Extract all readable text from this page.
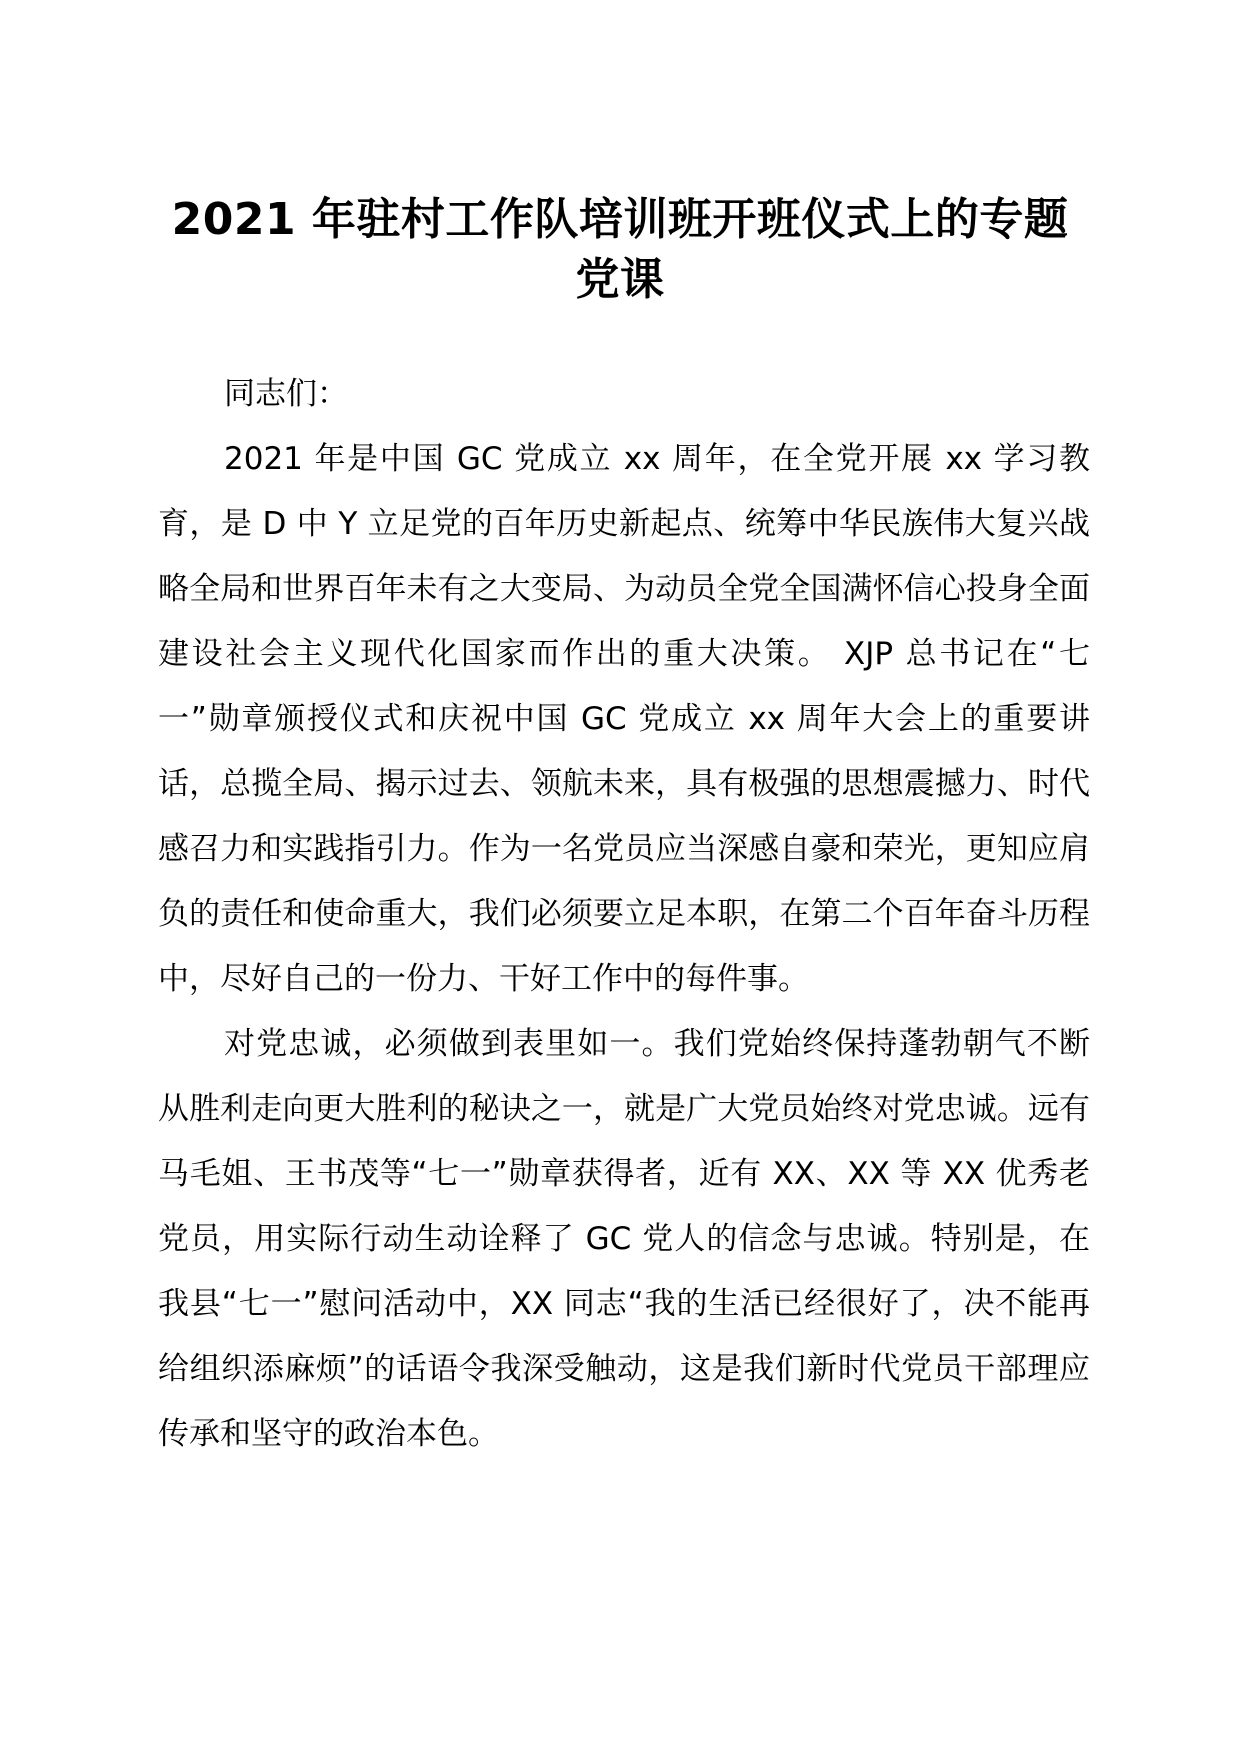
2021 年驻村工作队培训班开班仪式上的专题
党课

同志们：

2021 年是中国 GC 党成立 xx 周年，在全党开展 xx 学习教育，是 D 中 Y 立足党的百年历史新起点、统筹中华民族伟大复兴战略全局和世界百年未有之大变局、为动员全党全国满怀信心投身全面建设社会主义现代化国家而作出的重大决策。 XJP 总书记在“七一”勋章颁授仪式和庆祝中国 GC 党成立 xx 周年大会上的重要讲话，总揽全局、揭示过去、领航未来，具有极强的思想震撼力、时代感召力和实践指引力。作为一名党员应当深感自豪和荣光，更知应肩负的责任和使命重大，我们必须要立足本职，在第二个百年奋斗历程中，尽好自己的一份力、干好工作中的每件事。

对党忠诚，必须做到表里如一。我们党始终保持蓬勃朝气不断从胜利走向更大胜利的秘诀之一，就是广大党员始终对党忠诚。远有马毛姐、王书茂等“七一”勋章获得者，近有 XX、XX 等 XX 优秀老党员，用实际行动生动诠释了 GC 党人的信念与忠诚。特别是，在我县“七一”慰问活动中，XX 同志“我的生活已经很好了，决不能再给组织添麻烦”的话语令我深受触动，这是我们新时代党员干部理应传承和坚守的政治本色。
